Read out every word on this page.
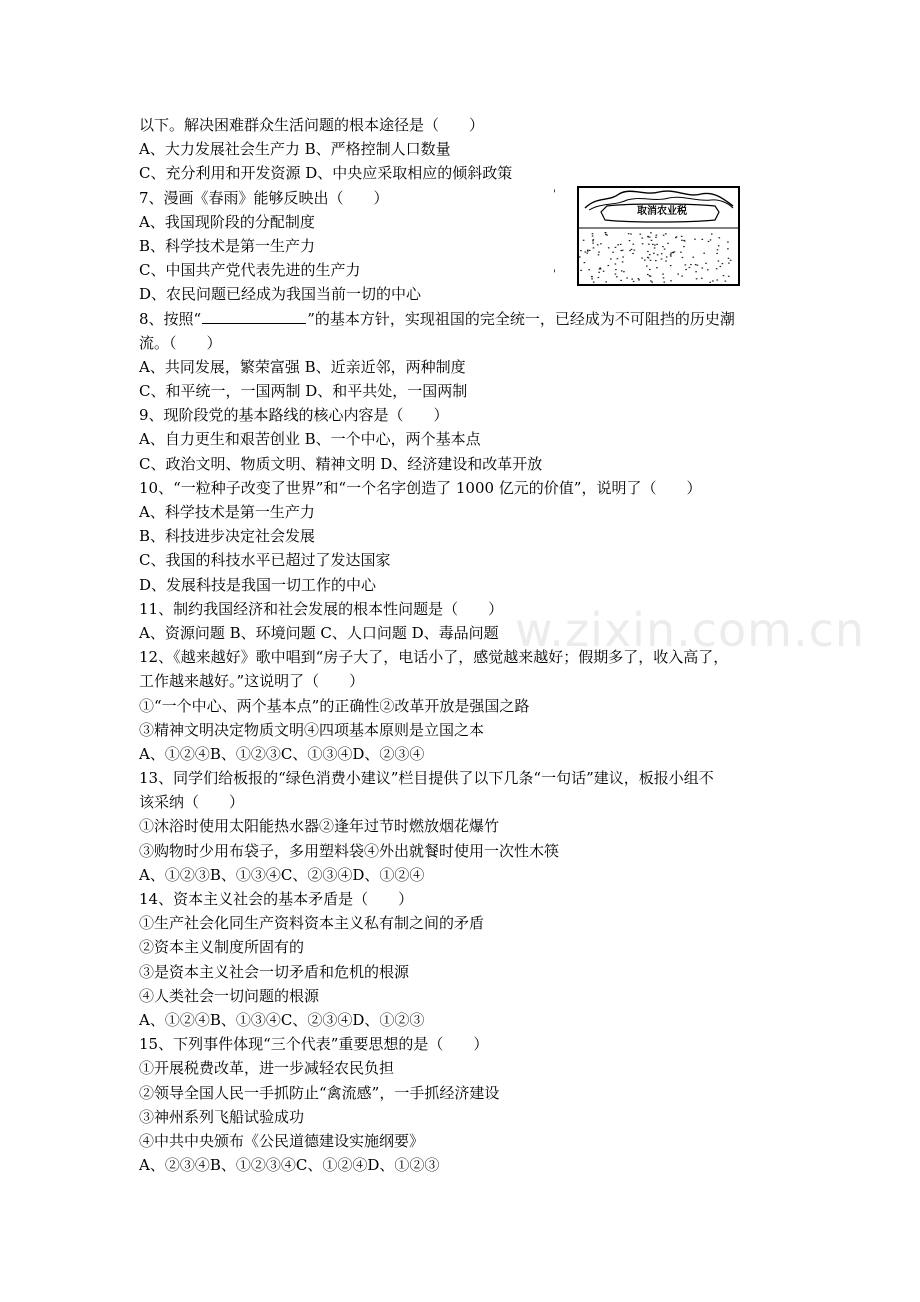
以下。解决困难群众生活问题的根本途径是（　　）
A、大力发展社会生产力 B、严格控制人口数量
C、充分利用和开发资源 D、中央应采取相应的倾斜政策
7、漫画《春雨》能够反映出（　　）
A、我国现阶段的分配制度
B、科学技术是第一生产力
C、中国共产党代表先进的生产力
D、农民问题已经成为我国当前一切的中心
8、按照“	”的基本方针，实现祖国的完全统一，已经成为不可阻挡的历史潮
流。（　　）
A、共同发展，繁荣富强 B、近亲近邻，两种制度
C、和平统一，一国两制 D、和平共处，一国两制
9、现阶段党的基本路线的核心内容是（　　）
A、自力更生和艰苦创业 B、一个中心，两个基本点
C、政治文明、物质文明、精神文明 D、经济建设和改革开放
10、“一粒种子改变了世界”和“一个名字创造了 1000 亿元的价值”，说明了（　　）
A、科学技术是第一生产力
B、科技进步决定社会发展
C、我国的科技水平已超过了发达国家
D、发展科技是我国一切工作的中心
11、制约我国经济和社会发展的根本性问题是（　　）
A、资源问题 B、环境问题 C、人口问题 D、毒品问题
12、《越来越好》歌中唱到“房子大了，电话小了，感觉越来越好；假期多了，收入高了，
工作越来越好。”这说明了（　　）
①“一个中心、两个基本点”的正确性②改革开放是强国之路
③精神文明决定物质文明④四项基本原则是立国之本
A、①②④B、①②③C、①③④D、②③④
13、同学们给板报的“绿色消费小建议”栏目提供了以下几条“一句话”建议，板报小组不
该采纳（　　）
①沐浴时使用太阳能热水器②逢年过节时燃放烟花爆竹
③购物时少用布袋子，多用塑料袋④外出就餐时使用一次性木筷
A、①②③B、①③④C、②③④D、①②④
14、资本主义社会的基本矛盾是（　　）
①生产社会化同生产资料资本主义私有制之间的矛盾
②资本主义制度所固有的
③是资本主义社会一切矛盾和危机的根源
④人类社会一切问题的根源
A、①②④B、①③④C、②③④D、①②③
15、下列事件体现“三个代表”重要思想的是（　　）
①开展税费改革，进一步减轻农民负担
②领导全国人民一手抓防止“禽流感”，一手抓经济建设
③神州系列飞船试验成功
④中共中央颁布《公民道德建设实施纲要》
A、②③④B、①②③④C、①②④D、①②③
'
'
取消农业税
w.zixin.com.cn
